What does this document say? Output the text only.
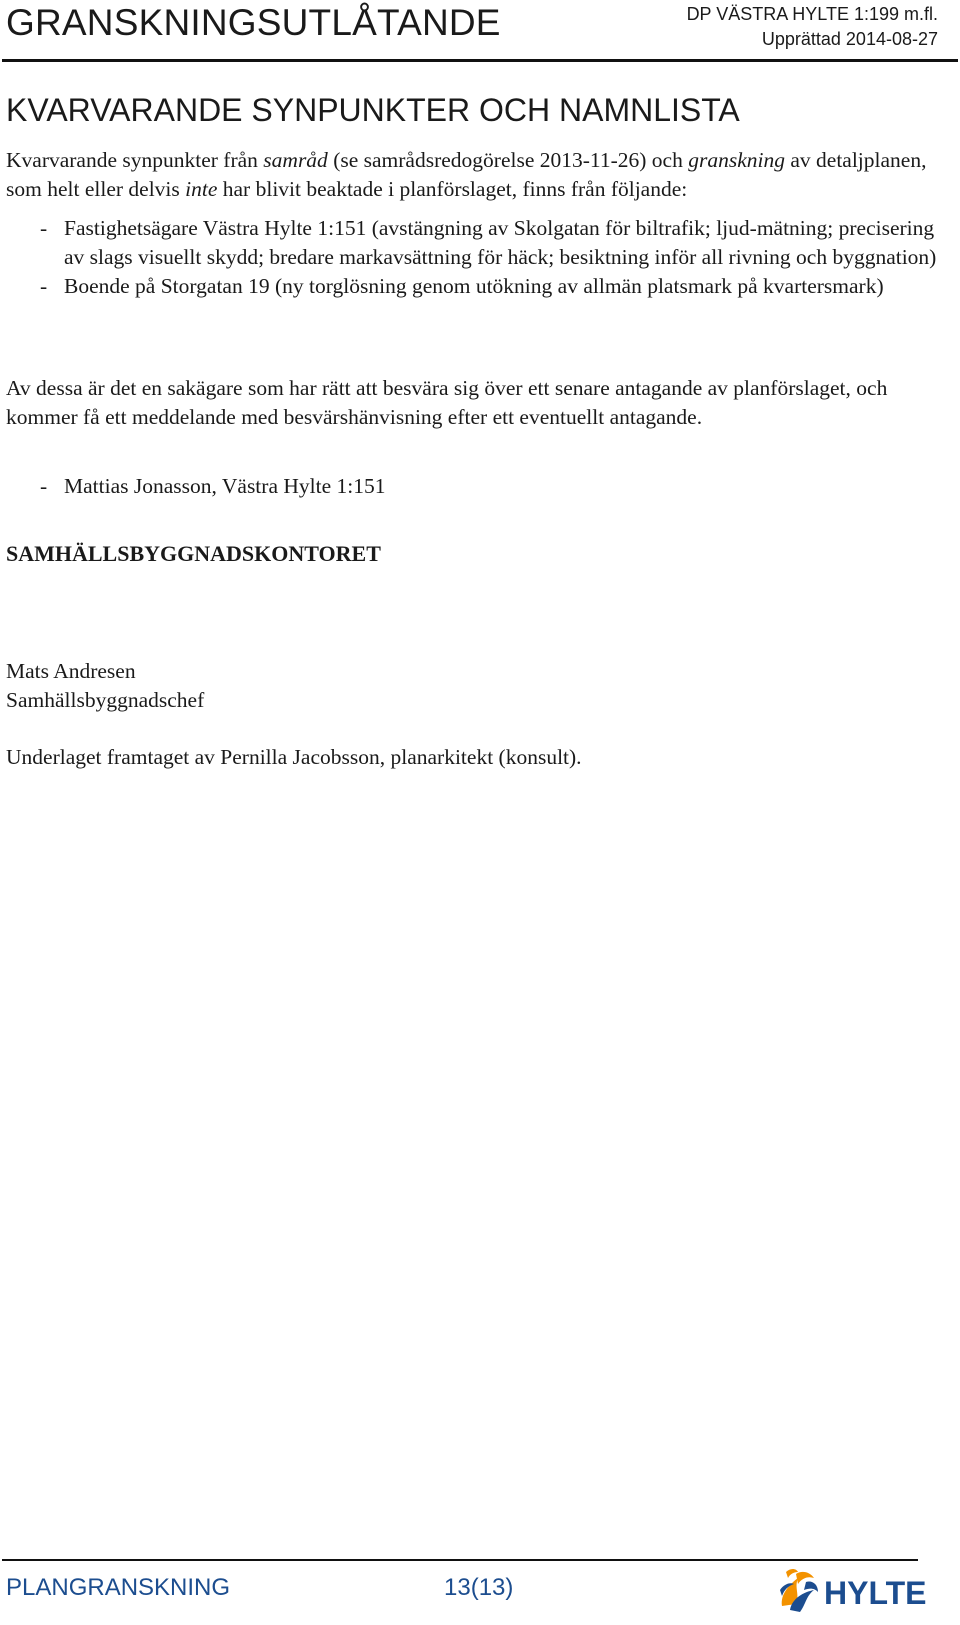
GRANSKNINGSUTLÅTANDE	DP VÄSTRA HYLTE 1:199 m.fl.
Upprättad 2014-08-27
KVARVARANDE SYNPUNKTER OCH NAMNLISTA
Kvarvarande synpunkter från samråd (se samrådsredogörelse 2013-11-26) och granskning av detaljplanen, som helt eller delvis inte har blivit beaktade i planförslaget, finns från följande:
- Fastighetsägare Västra Hylte 1:151 (avstängning av Skolgatan för biltrafik; ljud-mätning; precisering av slags visuellt skydd; bredare markavsättning för häck; besiktning inför all rivning och byggnation)
- Boende på Storgatan 19 (ny torglösning genom utökning av allmän platsmark på kvartersmark)
Av dessa är det en sakägare som har rätt att besvära sig över ett senare antagande av planförslaget, och kommer få ett meddelande med besvärshänvisning efter ett eventuellt antagande.
- Mattias Jonasson, Västra Hylte 1:151
SAMHÄLLSBYGGNADSKONTORET
Mats Andresen
Samhällsbyggnadschef
Underlaget framtaget av Pernilla Jacobsson, planarkitekt (konsult).
PLANGRANSKNING	13(13)	HYLTE
